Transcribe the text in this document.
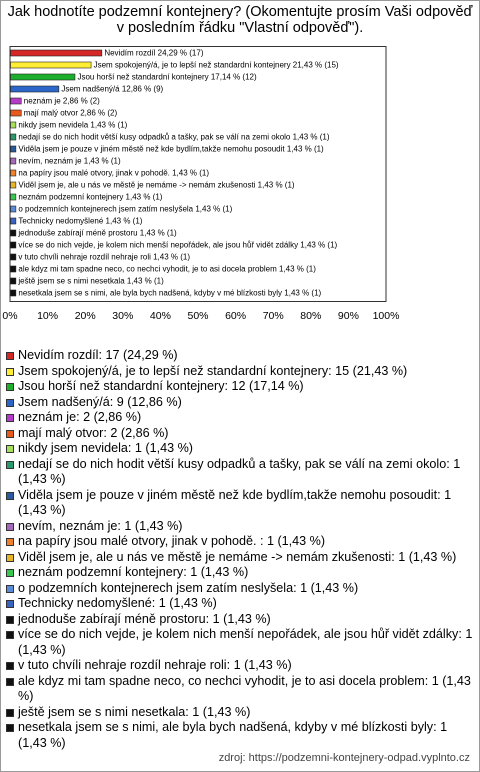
Jak hodnotíte podzemní kontejnery? (Okomentujte prosím Vaši odpověď v posledním řádku "Vlastní odpověď").
Nevidím rozdíl 24,29 % (17)
Jsem spokojený/á, je to lepší než standardní kontejnery 21,43 % (15)
Jsou horší než standardní kontejnery 17,14 % (12)
Jsem nadšený/á 12,86 % (9)
neznám je 2,86 % (2)
mají malý otvor 2,86 % (2)
nikdy jsem nevidela 1,43 % (1)
nedají se do nich hodit větší kusy odpadků a tašky, pak se válí na zemi okolo 1,43 % (1)
Viděla jsem je pouze v jiném městě než kde bydlím,takže nemohu posoudit 1,43 % (1)
nevím, neznám je 1,43 % (1)
na papíry jsou malé otvory, jinak v pohodě. 1,43 % (1)
Viděl jsem je, ale u nás ve městě je nemáme -> nemám zkušenosti 1,43 % (1)
neznám podzemní kontejnery 1,43 % (1)
o podzemních kontejnerech jsem zatím neslyšela 1,43 % (1)
Technicky nedomyšlené 1,43 % (1)
jednoduše zabírají méně prostoru 1,43 % (1)
více se do nich vejde, je kolem nich menší nepořádek, ale jsou hůř vidět zdálky 1,43 % (1)
v tuto chvíli nehraje rozdíl nehraje roli 1,43 % (1)
ale kdyz mi tam spadne neco, co nechci vyhodit, je to asi docela problem 1,43 % (1)
ještě jsem se s nimi nesetkala 1,43 % (1)
nesetkala jsem se s nimi, ale byla bych nadšená, kdyby v mé blízkosti byly 1,43 % (1)
0% 10% 20% 30% 40% 50% 60% 70% 80% 90% 100%
Nevidím rozdíl: 17 (24,29 %)
Jsem spokojený/á, je to lepší než standardní kontejnery: 15 (21,43 %)
Jsou horší než standardní kontejnery: 12 (17,14 %)
Jsem nadšený/á: 9 (12,86 %)
neznám je: 2 (2,86 %)
mají malý otvor: 2 (2,86 %)
nikdy jsem nevidela: 1 (1,43 %)
nedají se do nich hodit větší kusy odpadků a tašky, pak se válí na zemi okolo: 1 (1,43 %)
Viděla jsem je pouze v jiném městě než kde bydlím,takže nemohu posoudit: 1 (1,43 %)
nevím, neznám je: 1 (1,43 %)
na papíry jsou malé otvory, jinak v pohodě. : 1 (1,43 %)
Viděl jsem je, ale u nás ve městě je nemáme -> nemám zkušenosti: 1 (1,43 %)
neznám podzemní kontejnery: 1 (1,43 %)
o podzemních kontejnerech jsem zatím neslyšela: 1 (1,43 %)
Technicky nedomyšlené: 1 (1,43 %)
jednoduše zabírají méně prostoru: 1 (1,43 %)
více se do nich vejde, je kolem nich menší nepořádek, ale jsou hůř vidět zdálky: 1 (1,43 %)
v tuto chvíli nehraje rozdíl nehraje roli: 1 (1,43 %)
ale kdyz mi tam spadne neco, co nechci vyhodit, je to asi docela problem: 1 (1,43 %)
ještě jsem se s nimi nesetkala: 1 (1,43 %)
nesetkala jsem se s nimi, ale byla bych nadšená, kdyby v mé blízkosti byly: 1 (1,43 %)
zdroj: https://podzemni-kontejnery-odpad.vyplnto.cz
